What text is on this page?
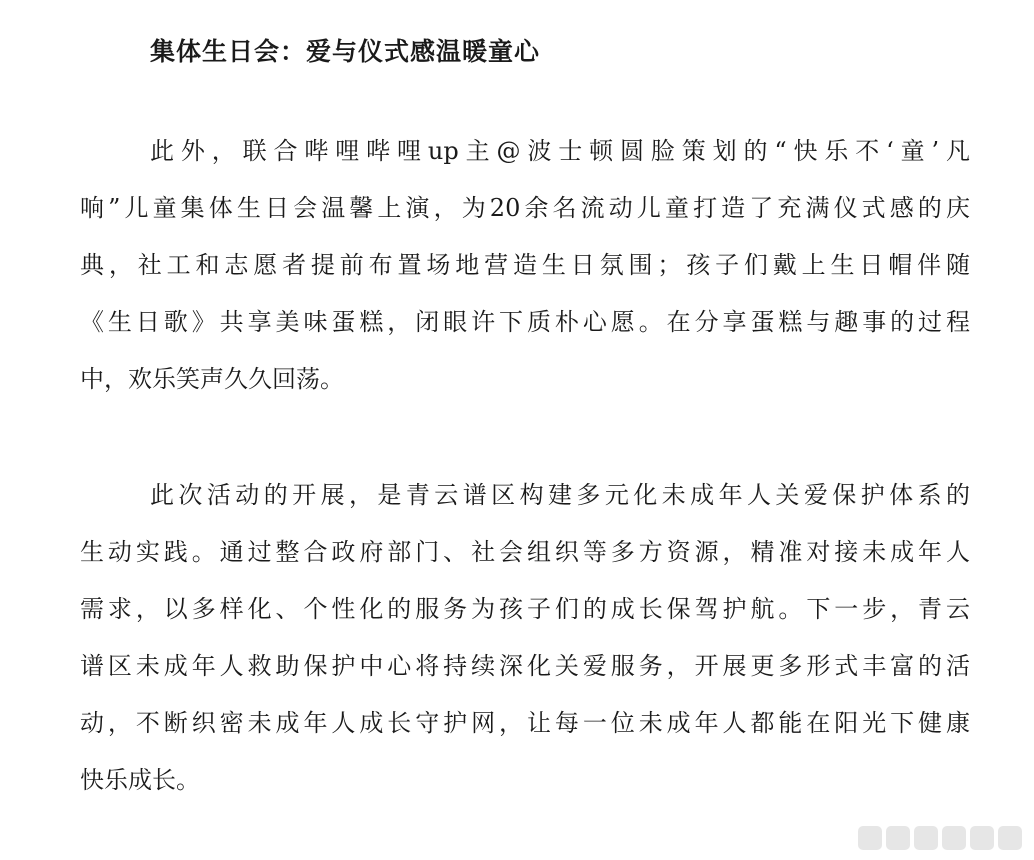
集体生日会：爱与仪式感温暖童心
此外，联合哔哩哔哩up主@波士顿圆脸策划的“快乐不‘童’凡
响”儿童集体生日会温馨上演，为20余名流动儿童打造了充满仪式感的庆
典，社工和志愿者提前布置场地营造生日氛围；孩子们戴上生日帽伴随
《生日歌》共享美味蛋糕，闭眼许下质朴心愿。在分享蛋糕与趣事的过程
中，欢乐笑声久久回荡。
此次活动的开展，是青云谱区构建多元化未成年人关爱保护体系的
生动实践。通过整合政府部门、社会组织等多方资源，精准对接未成年人
需求，以多样化、个性化的服务为孩子们的成长保驾护航。下一步，青云
谱区未成年人救助保护中心将持续深化关爱服务，开展更多形式丰富的活
动，不断织密未成年人成长守护网，让每一位未成年人都能在阳光下健康
快乐成长。
